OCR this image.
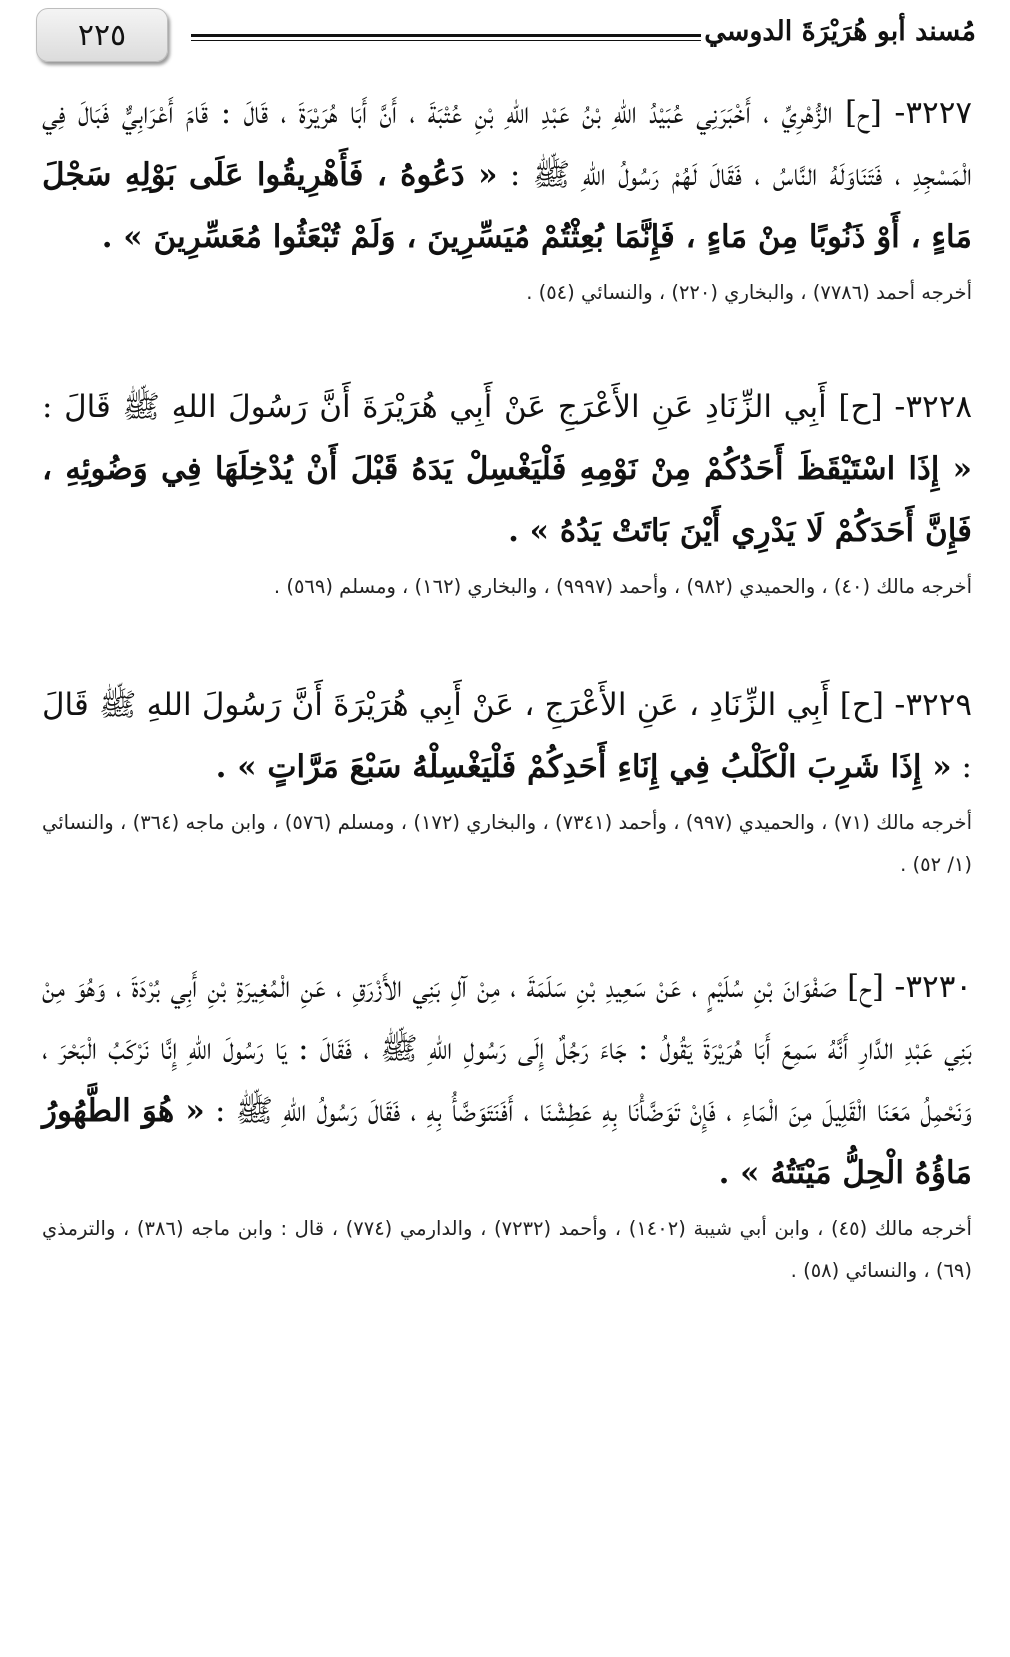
٢٢٥	مُسند أبو هُرَيْرَةَ الدوسي

٣٢٢٧- [ح] الزُّهْرِيِّ ، أَخْبَرَنِي عُبَيْدُ اللهِ بْنُ عَبْدِ اللهِ بْنِ عُتْبَةَ ، أَنَّ أَبَا هُرَيْرَةَ ، قَالَ : قَامَ أَعْرَابِيٌّ فَبَالَ فِي الْمَسْجِدِ ، فَتَنَاوَلَهُ النَّاسُ ، فَقَالَ لَهُمْ رَسُولُ اللهِ ﷺ : « دَعُوهُ ، فَأَهْرِيقُوا عَلَى بَوْلِهِ سَجْلَ مَاءٍ ، أَوْ ذَنُوبًا مِنْ مَاءٍ ، فَإِنَّمَا بُعِثْتُمْ مُيَسِّرِينَ ، وَلَمْ تُبْعَثُوا مُعَسِّرِينَ » .

أخرجه أحمد (٧٧٨٦) ، والبخاري (٢٢٠) ، والنسائي (٥٤) .

٣٢٢٨- [ح] أَبِي الزِّنَادِ عَنِ الأَعْرَجِ عَنْ أَبِي هُرَيْرَةَ أَنَّ رَسُولَ اللهِ ﷺ قَالَ : « إِذَا اسْتَيْقَظَ أَحَدُكُمْ مِنْ نَوْمِهِ فَلْيَغْسِلْ يَدَهُ قَبْلَ أَنْ يُدْخِلَهَا فِي وَضُوئِهِ ، فَإِنَّ أَحَدَكُمْ لَا يَدْرِي أَيْنَ بَاتَتْ يَدُهُ » .

أخرجه مالك (٤٠) ، والحميدي (٩٨٢) ، وأحمد (٩٩٩٧) ، والبخاري (١٦٢) ، ومسلم (٥٦٩) .

٣٢٢٩- [ح] أَبِي الزِّنَادِ ، عَنِ الأَعْرَجِ ، عَنْ أَبِي هُرَيْرَةَ أَنَّ رَسُولَ اللهِ ﷺ قَالَ : « إِذَا شَرِبَ الْكَلْبُ فِي إِنَاءِ أَحَدِكُمْ فَلْيَغْسِلْهُ سَبْعَ مَرَّاتٍ » .

أخرجه مالك (٧١) ، والحميدي (٩٩٧) ، وأحمد (٧٣٤١) ، والبخاري (١٧٢) ، ومسلم (٥٧٦) ، وابن ماجه (٣٦٤) ، والنسائي (١/ ٥٢) .

٣٢٣٠- [ح] صَفْوَانَ بْنِ سُلَيْمٍ ، عَنْ سَعِيدِ بْنِ سَلَمَةَ ، مِنْ آلِ بَنِي الأَزْرَقِ ، عَنِ الْمُغِيرَةِ بْنِ أَبِي بُرْدَةَ ، وَهُوَ مِنْ بَنِي عَبْدِ الدَّارِ أَنَّهُ سَمِعَ أَبَا هُرَيْرَةَ يَقُولُ : جَاءَ رَجُلٌ إِلَى رَسُولِ اللهِ ﷺ ، فَقَالَ : يَا رَسُولَ اللهِ إِنَّا نَرْكَبُ الْبَحْرَ ، وَنَحْمِلُ مَعَنَا الْقَلِيلَ مِنَ الْمَاءِ ، فَإِنْ تَوَضَّأْنَا بِهِ عَطِشْنَا ، أَفَنَتَوَضَّأُ بِهِ ، فَقَالَ رَسُولُ اللهِ ﷺ : « هُوَ الطَّهُورُ مَاؤُهُ الْحِلُّ مَيْتَتُهُ » .

أخرجه مالك (٤٥) ، وابن أبي شيبة (١٤٠٢) ، وأحمد (٧٢٣٢) ، والدارمي (٧٧٤) ، قال : وابن ماجه (٣٨٦) ، والترمذي (٦٩) ، والنسائي (٥٨) .
